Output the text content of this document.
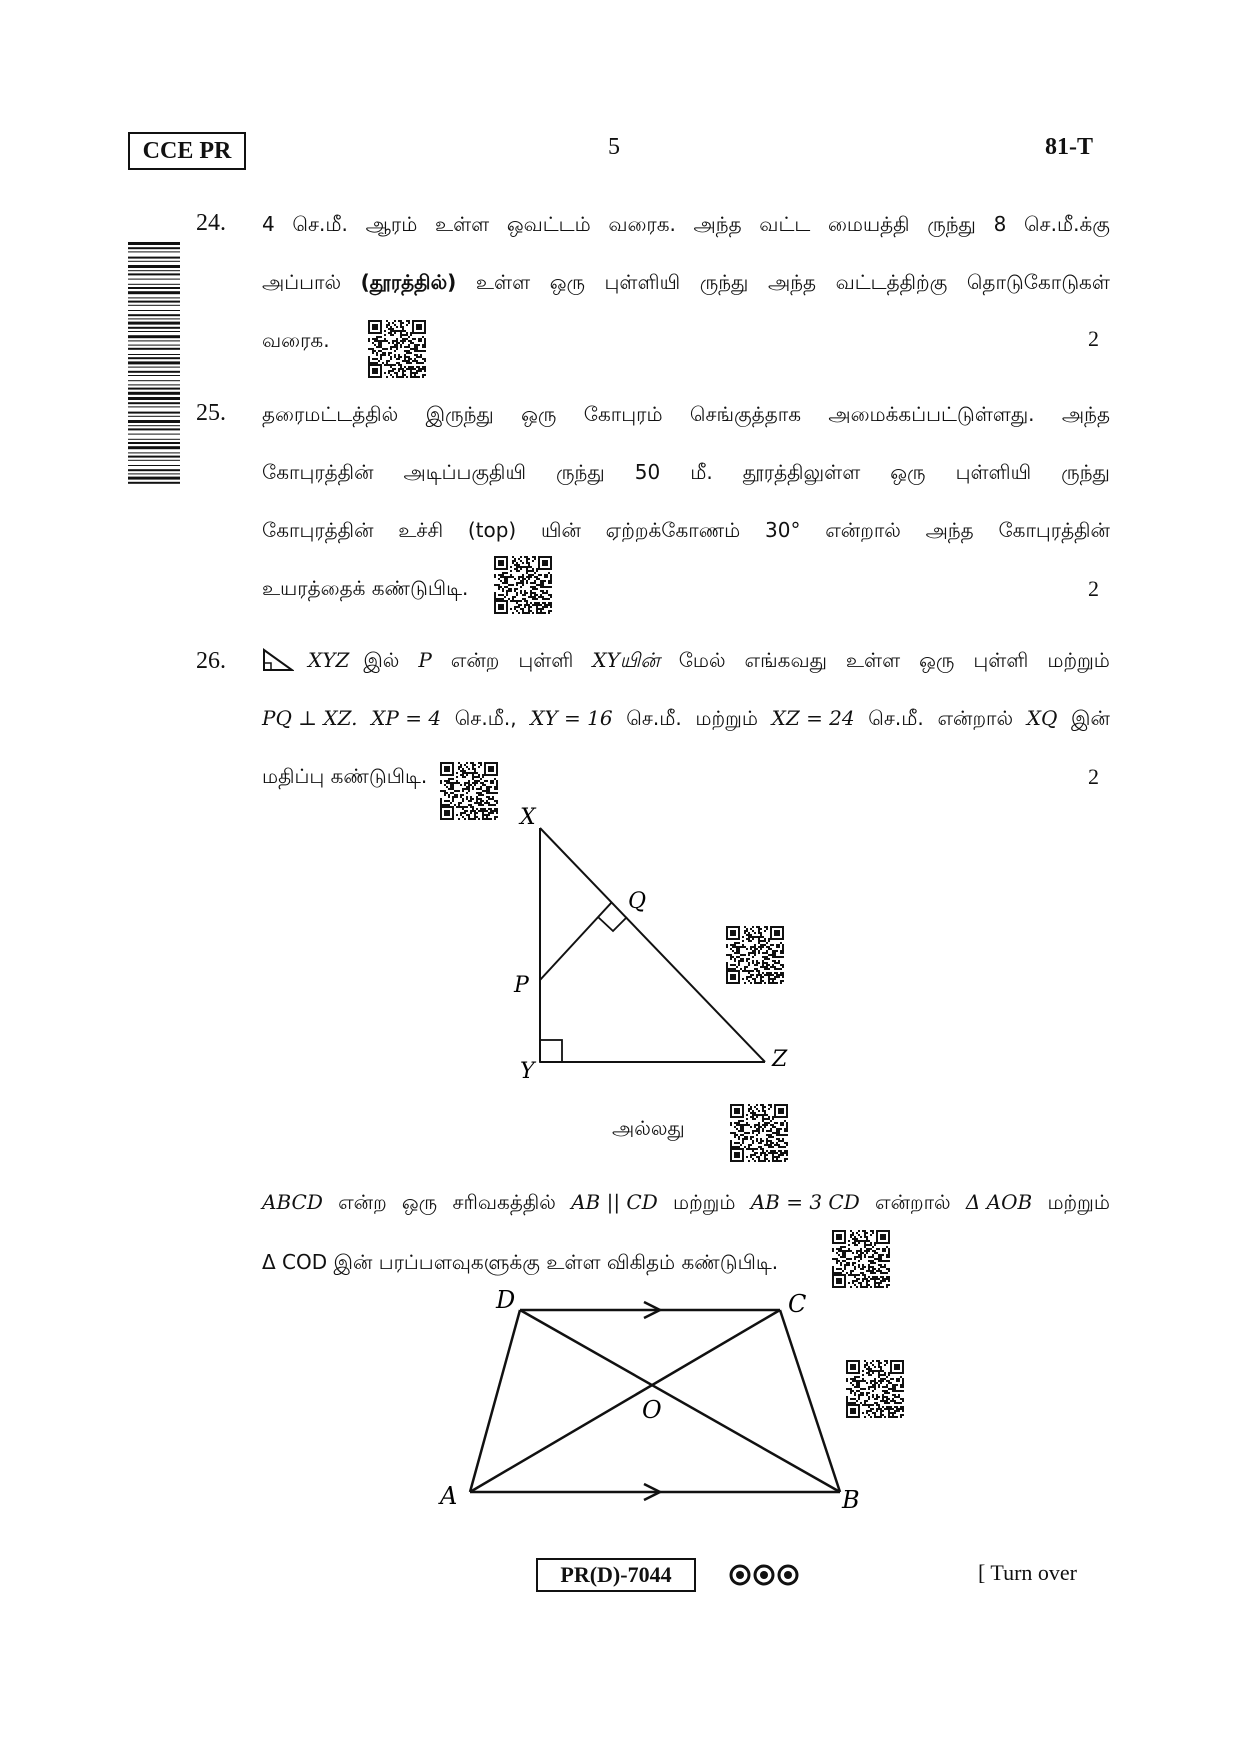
CCE PR	5	81-T
24. 4 செ.மீ. ஆரம் உள்ள ஒவட்டம் வரைக. அந்த வட்ட மையத்தி ருந்து 8 செ.மீ.க்கு
அப்பால் (தூரத்தில்) உள்ள ஒரு புள்ளியி ருந்து அந்த வட்டத்திற்கு தொடுகோடுகள்
வரைக.	2
25. தரைமட்டத்தில் இருந்து ஒரு கோபுரம் செங்குத்தாக அமைக்கப்பட்டுள்ளது. அந்த
கோபுரத்தின் அடிப்பகுதியி ருந்து 50 மீ. தூரத்திலுள்ள ஒரு புள்ளியி ருந்து
கோபுரத்தின் உச்சி (top) யின் ஏற்றக்கோணம் 30° என்றால் அந்த கோபுரத்தின்
உயரத்தைக் கண்டுபிடி.	2
26.	XYZ இல் P என்ற புள்ளி XYயின் மேல் எங்கவது உள்ள ஒரு புள்ளி மற்றும்
PQ ⊥ XZ. XP = 4 செ.மீ., XY = 16 செ.மீ. மற்றும் XZ = 24 செ.மீ. என்றால் XQ இன்
மதிப்பு கண்டுபிடி.	2
X
Q
P
Y	Z
அல்லது
ABCD என்ற ஒரு சரிவகத்தில் AB || CD மற்றும் AB = 3 CD என்றால் Δ AOB மற்றும்
Δ COD இன் பரப்பளவுகளுக்கு உள்ள விகிதம் கண்டுபிடி.
D	C
O
A	B
PR(D)-7044	[ Turn over
